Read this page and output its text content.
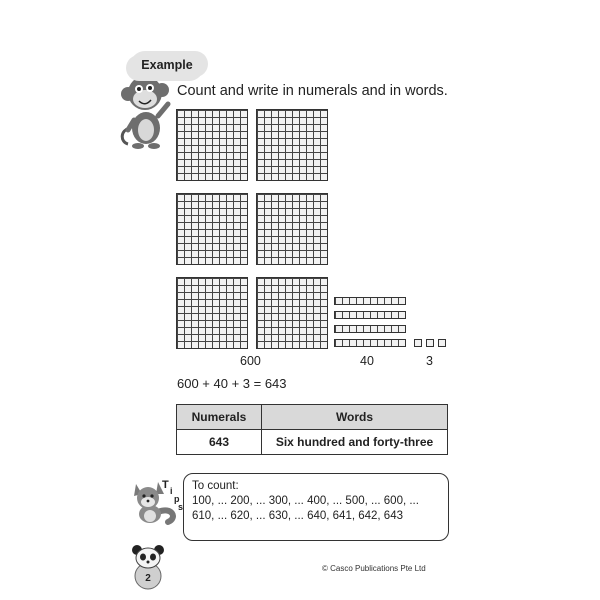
Example
Count and write in numerals and in words.
600	40	3
600 + 40 + 3 = 643
Numerals	Words
643	Six hundred and forty-three
T i
p
s
To count:
100, ... 200, ... 300, ... 400, ... 500, ... 600, ...
610, ... 620, ... 630, ... 640, 641, 642, 643
2
© Casco Publications Pte Ltd
